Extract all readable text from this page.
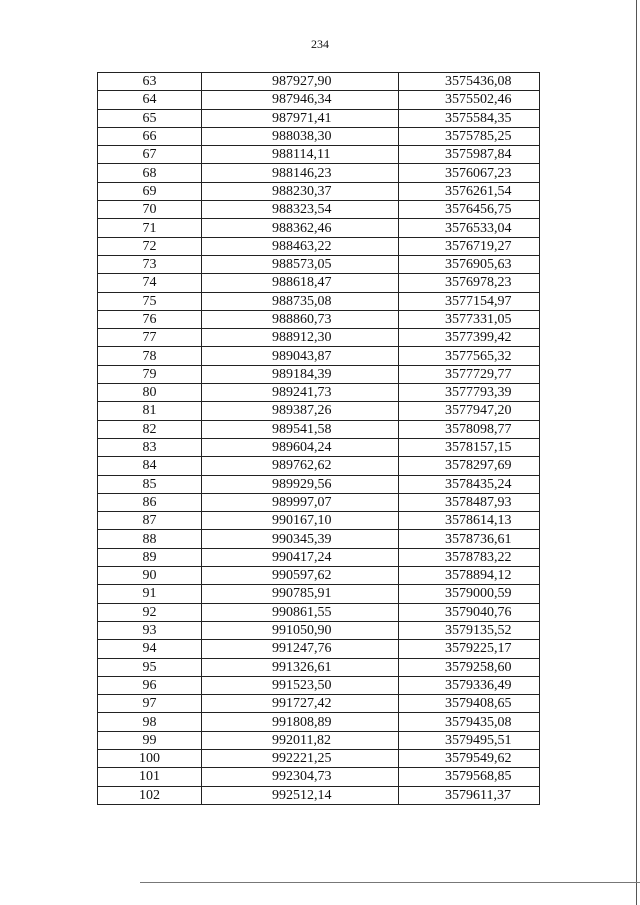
234
63	987927,90	3575436,08
64	987946,34	3575502,46
65	987971,41	3575584,35
66	988038,30	3575785,25
67	988114,11	3575987,84
68	988146,23	3576067,23
69	988230,37	3576261,54
70	988323,54	3576456,75
71	988362,46	3576533,04
72	988463,22	3576719,27
73	988573,05	3576905,63
74	988618,47	3576978,23
75	988735,08	3577154,97
76	988860,73	3577331,05
77	988912,30	3577399,42
78	989043,87	3577565,32
79	989184,39	3577729,77
80	989241,73	3577793,39
81	989387,26	3577947,20
82	989541,58	3578098,77
83	989604,24	3578157,15
84	989762,62	3578297,69
85	989929,56	3578435,24
86	989997,07	3578487,93
87	990167,10	3578614,13
88	990345,39	3578736,61
89	990417,24	3578783,22
90	990597,62	3578894,12
91	990785,91	3579000,59
92	990861,55	3579040,76
93	991050,90	3579135,52
94	991247,76	3579225,17
95	991326,61	3579258,60
96	991523,50	3579336,49
97	991727,42	3579408,65
98	991808,89	3579435,08
99	992011,82	3579495,51
100	992221,25	3579549,62
101	992304,73	3579568,85
102	992512,14	3579611,37
